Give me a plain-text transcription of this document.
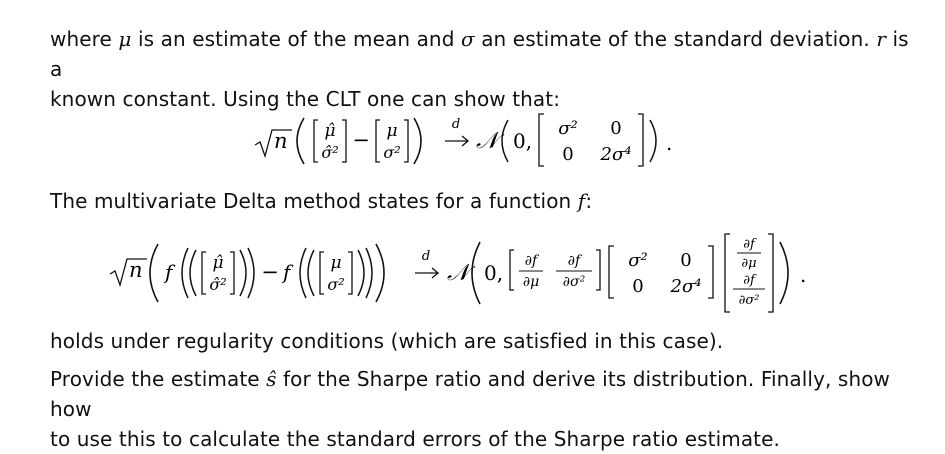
where μ is an estimate of the mean and σ an estimate of the standard deviation. r is a
known constant. Using the CLT one can show that:
n μ̂
σ̂²
− μ
σ²
d
𝒩 0,
σ² 0
0 2σ⁴ .
The multivariate Delta method states for a function f:
n f μ̂
σ̂²
− f μ
σ²
d
𝒩 0, ∂f
∂μ
∂f
∂σ²
σ² 0
0 2σ⁴
∂f
∂μ
∂f
∂σ²
.
holds under regularity conditions (which are satisfied in this case).
Provide the estimate ŝ for the Sharpe ratio and derive its distribution. Finally, show how
to use this to calculate the standard errors of the Sharpe ratio estimate.
